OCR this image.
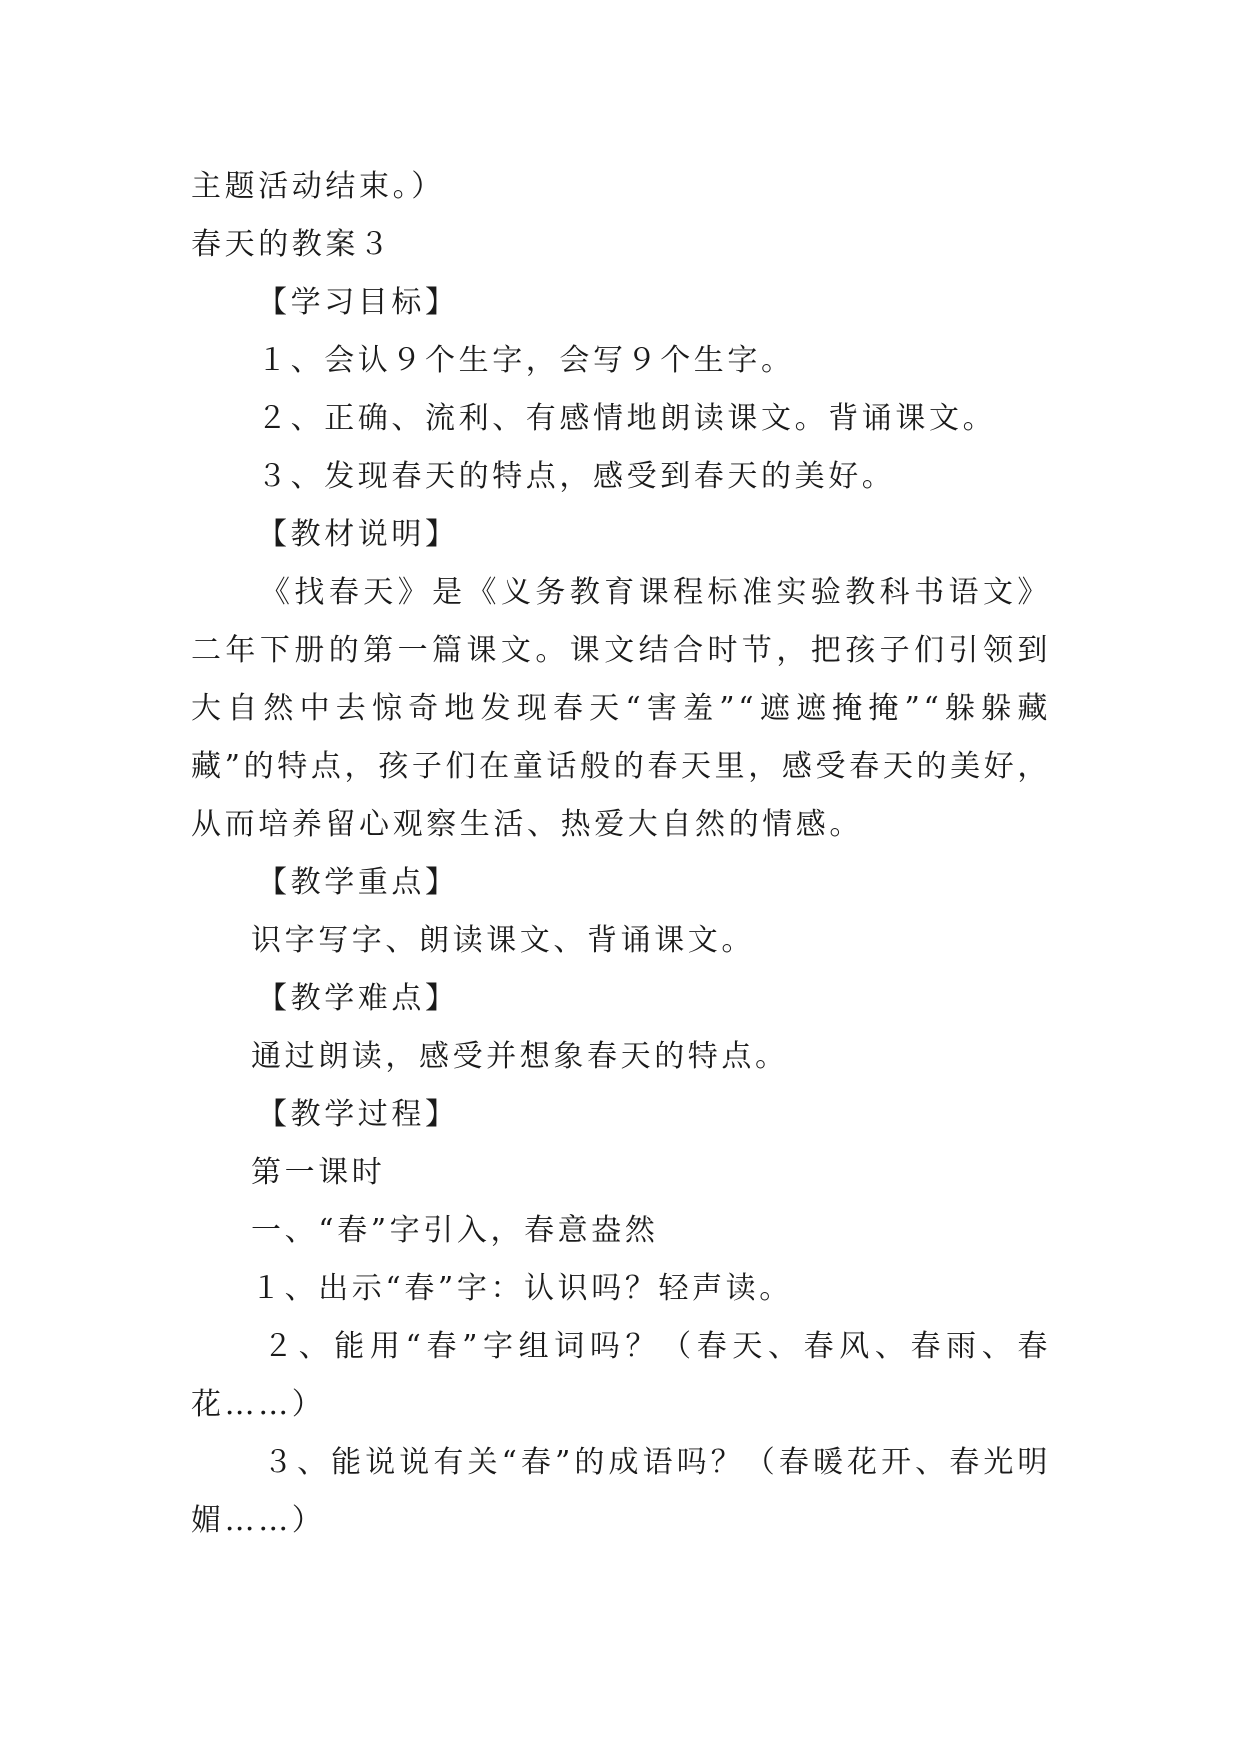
主题活动结束。）
春天的教案３
【学习目标】
１、会认９个生字，会写９个生字。
２、正确、流利、有感情地朗读课文。背诵课文。
３、发现春天的特点，感受到春天的美好。
【教材说明】
《找春天》是《义务教育课程标准实验教科书语文》二年下册的第一篇课文。课文结合时节，把孩子们引领到大自然中去惊奇地发现春天“害羞”“遮遮掩掩”“躲躲藏藏”的特点，孩子们在童话般的春天里，感受春天的美好，从而培养留心观察生活、热爱大自然的情感。
【教学重点】
识字写字、朗读课文、背诵课文。
【教学难点】
通过朗读，感受并想象春天的特点。
【教学过程】
第一课时
一、“春”字引入，春意盎然
１、出示“春”字：认识吗？轻声读。
２、能用“春”字组词吗？（春天、春风、春雨、春花……）
３、能说说有关“春”的成语吗？（春暖花开、春光明媚……）
